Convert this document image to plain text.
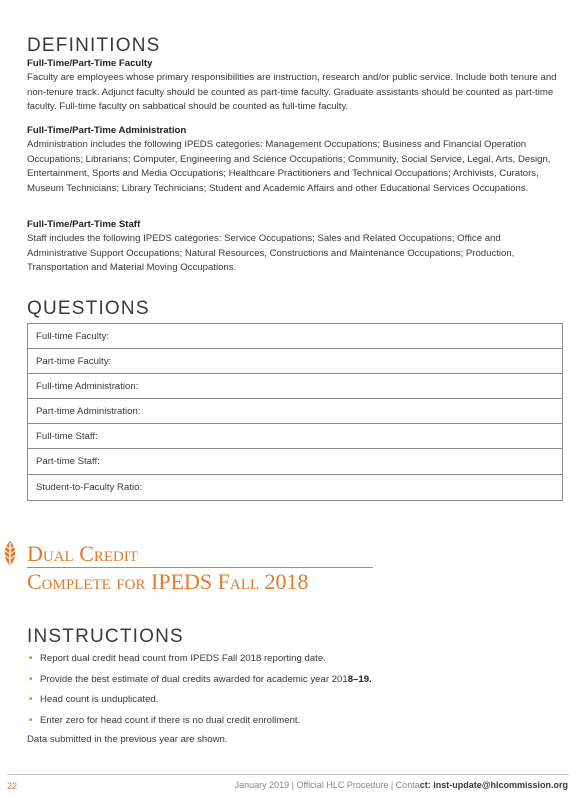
DEFINITIONS
Full-Time/Part-Time Faculty

Faculty are employees whose primary responsibilities are instruction, research and/or public service. Include both tenure and non-tenure track. Adjunct faculty should be counted as part-time faculty. Graduate assistants should be counted as part-time faculty. Full-time faculty on sabbatical should be counted as full-time faculty.

Full-Time/Part-Time Administration

Administration includes the following IPEDS categories: Management Occupations; Business and Financial Operation Occupations; Librarians; Computer, Engineering and Science Occupations; Community, Social Service, Legal, Arts, Design, Entertainment, Sports and Media Occupations; Healthcare Practitioners and Technical Occupations; Archivists, Curators, Museum Technicians; Library Technicians; Student and Academic Affairs and other Educational Services Occupations.

Full-Time/Part-Time Staff

Staff includes the following IPEDS categories: Service Occupations; Sales and Related Occupations; Office and Administrative Support Occupations; Natural Resources, Constructions and Maintenance Occupations; Production, Transportation and Material Moving Occupations.

QUESTIONS
Full-time Faculty:
Part-time Faculty:
Full-time Administration:
Part-time Administration:
Full-time Staff:
Part-time Staff:
Student-to-Faculty Ratio:
Dual Credit
Complete for IPEDS Fall 2018
INSTRUCTIONS
• Report dual credit head count from IPEDS Fall 2018 reporting date.
• Provide the best estimate of dual credits awarded for academic year 2018–19.
• Head count is unduplicated.
• Enter zero for head count if there is no dual credit enrollment.

Data submitted in the previous year are shown.

22	January 2019 | Official HLC Procedure | Contact: inst-update@hlcommission.org
